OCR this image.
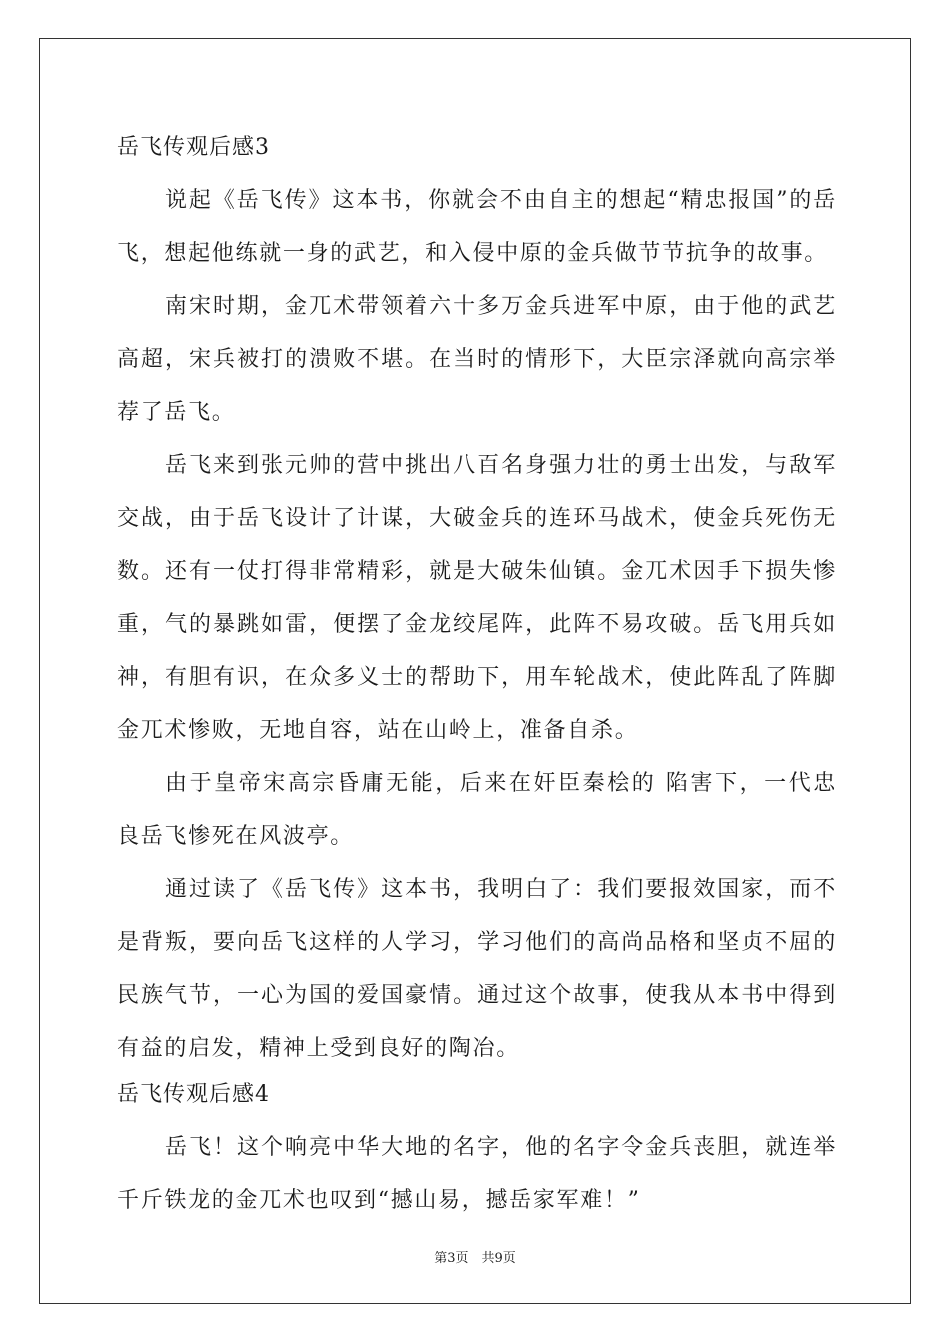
岳飞传观后感3

说起《岳飞传》这本书，你就会不由自主的想起“精忠报国”的岳飞，想起他练就一身的武艺，和入侵中原的金兵做节节抗争的故事。

南宋时期，金兀术带领着六十多万金兵进军中原，由于他的武艺高超，宋兵被打的溃败不堪。在当时的情形下，大臣宗泽就向高宗举荐了岳飞。

岳飞来到张元帅的营中挑出八百名身强力壮的勇士出发，与敌军交战，由于岳飞设计了计谋，大破金兵的连环马战术，使金兵死伤无数。还有一仗打得非常精彩，就是大破朱仙镇。金兀术因手下损失惨重，气的暴跳如雷，便摆了金龙绞尾阵，此阵不易攻破。岳飞用兵如神，有胆有识，在众多义士的帮助下，用车轮战术，使此阵乱了阵脚金兀术惨败，无地自容，站在山岭上，准备自杀。

由于皇帝宋高宗昏庸无能，后来在奸臣秦桧的 陷害下，一代忠良岳飞惨死在风波亭。

通过读了《岳飞传》这本书，我明白了：我们要报效国家，而不是背叛，要向岳飞这样的人学习，学习他们的高尚品格和坚贞不屈的民族气节，一心为国的爱国豪情。通过这个故事，使我从本书中得到有益的启发，精神上受到良好的陶冶。

岳飞传观后感4

岳飞！这个响亮中华大地的名字，他的名字令金兵丧胆，就连举千斤铁龙的金兀术也叹到“撼山易，撼岳家军难！”

第3页　共9页
